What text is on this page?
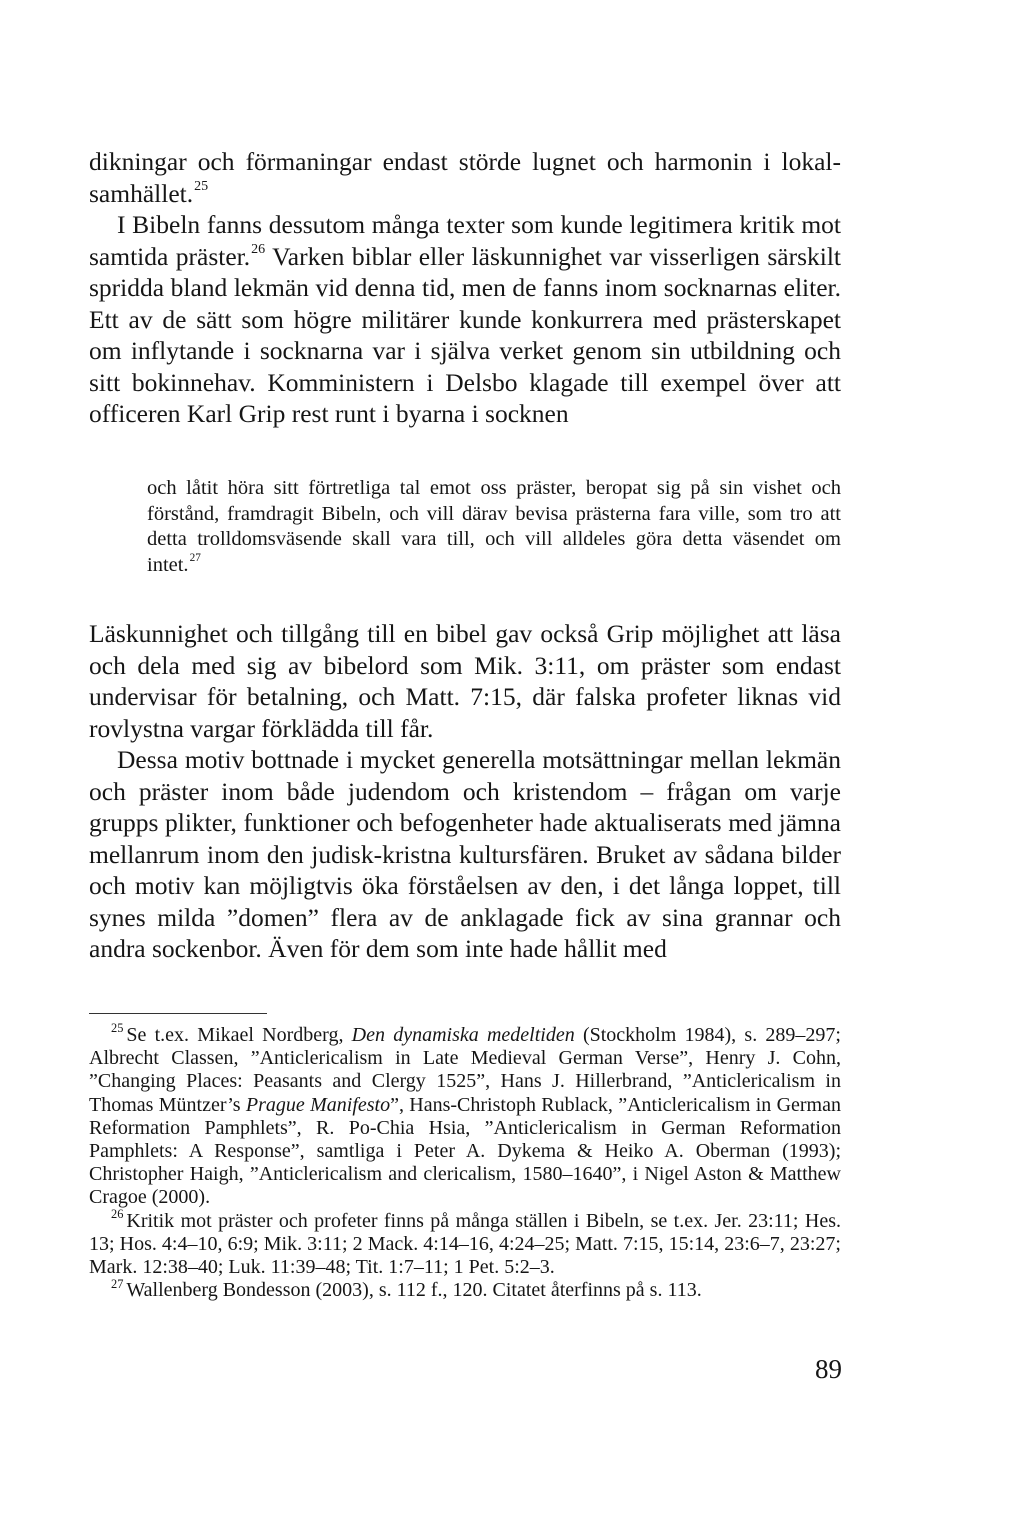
dikningar och förmaningar endast störde lugnet och harmonin i lokalsamhället.$^{25}$

I Bibeln fanns dessutom många texter som kunde legitimera kritik mot samtida präster.$^{26}$ Varken biblar eller läskunnighet var visserligen särskilt spridda bland lekmän vid denna tid, men de fanns inom socknarnas eliter. Ett av de sätt som högre militärer kunde konkurrera med prästerskapet om inflytande i socknarna var i själva verket genom sin utbildning och sitt bokinnehav. Komministern i Delsbo klagade till exempel över att officeren Karl Grip rest runt i byarna i socknen

och låtit höra sitt förtretliga tal emot oss präster, beropat sig på sin vishet och förstånd, framdragit Bibeln, och vill därav bevisa prästerna fara ville, som tro att detta trolldomsväsende skall vara till, och vill alldeles göra detta väsendet om intet.$^{27}$

Läskunnighet och tillgång till en bibel gav också Grip möjlighet att läsa och dela med sig av bibelord som Mik. 3:11, om präster som endast undervisar för betalning, och Matt. 7:15, där falska profeter liknas vid rovlystna vargar förklädda till får.

Dessa motiv bottnade i mycket generella motsättningar mellan lekmän och präster inom både judendom och kristendom – frågan om varje grupps plikter, funktioner och befogenheter hade aktualiserats med jämna mellanrum inom den judisk-kristna kultursfären. Bruket av sådana bilder och motiv kan möjligtvis öka förståelsen av den, i det långa loppet, till synes milda ”domen” flera av de anklagade fick av sina grannar och andra sockenbor. Även för dem som inte hade hållit med

$^{25}$ Se t.ex. Mikael Nordberg, Den dynamiska medeltiden (Stockholm 1984), s. 289–297; Albrecht Classen, ”Anticlericalism in Late Medieval German Verse”, Henry J. Cohn, ”Changing Places: Peasants and Clergy 1525”, Hans J. Hillerbrand, ”Anticlericalism in Thomas Müntzer’s Prague Manifesto”, Hans-Christoph Rublack, ”Anticlericalism in German Reformation Pamphlets”, R. Po-Chia Hsia, ”Anticlericalism in German Reformation Pamphlets: A Response”, samtliga i Peter A. Dykema & Heiko A. Oberman (1993); Christopher Haigh, ”Anticlericalism and clericalism, 1580–1640”, i Nigel Aston & Matthew Cragoe (2000).

$^{26}$ Kritik mot präster och profeter finns på många ställen i Bibeln, se t.ex. Jer. 23:11; Hes. 13; Hos. 4:4–10, 6:9; Mik. 3:11; 2 Mack. 4:14–16, 4:24–25; Matt. 7:15, 15:14, 23:6–7, 23:27; Mark. 12:38–40; Luk. 11:39–48; Tit. 1:7–11; 1 Pet. 5:2–3.

$^{27}$ Wallenberg Bondesson (2003), s. 112 f., 120. Citatet återfinns på s. 113.

89
